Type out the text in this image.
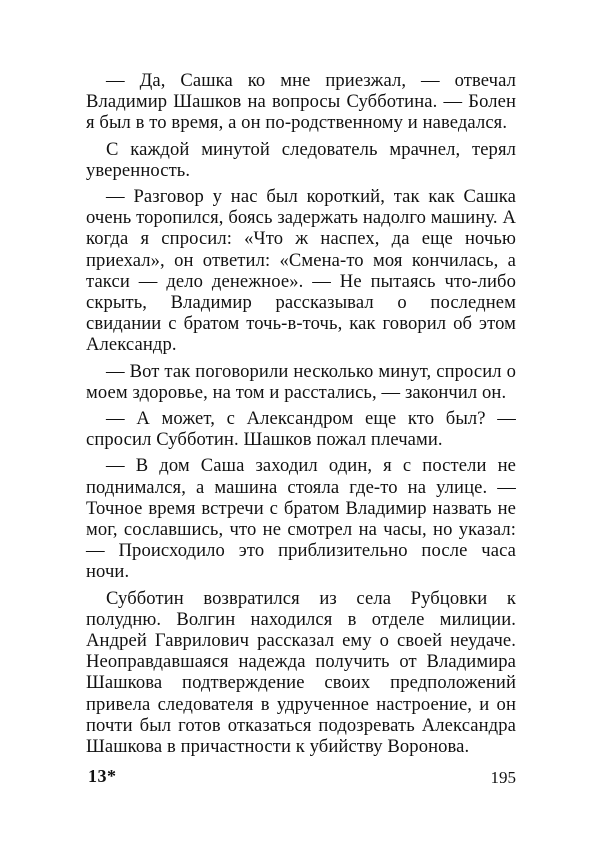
— Да, Сашка ко мне приезжал, — отвечал Владимир Шашков на вопросы Субботина. — Болен я был в то время, а он по-родственному и наведался.

С каждой минутой следователь мрачнел, терял уверенность.

— Разговор у нас был короткий, так как Сашка очень торопился, боясь задержать надолго машину. А когда я спросил: «Что ж наспех, да еще ночью приехал», он ответил: «Смена-то моя кончилась, а такси — дело денежное». — Не пытаясь что-либо скрыть, Владимир рассказывал о последнем свидании с братом точь-в-точь, как говорил об этом Александр.

— Вот так поговорили несколько минут, спросил о моем здоровье, на том и расстались, — закончил он.

— А может, с Александром еще кто был? — спросил Субботин. Шашков пожал плечами.

— В дом Саша заходил один, я с постели не поднимался, а машина стояла где-то на улице. — Точное время встречи с братом Владимир назвать не мог, сославшись, что не смотрел на часы, но указал: — Происходило это приблизительно после часа ночи.

Субботин возвратился из села Рубцовки к полудню. Волгин находился в отделе милиции. Андрей Гаврилович рассказал ему о своей неудаче. Неоправдавшаяся надежда получить от Владимира Шашкова подтверждение своих предположений привела следователя в удрученное настроение, и он почти был готов отказаться подозревать Александра Шашкова в причастности к убийству Воронова.

13*	195
